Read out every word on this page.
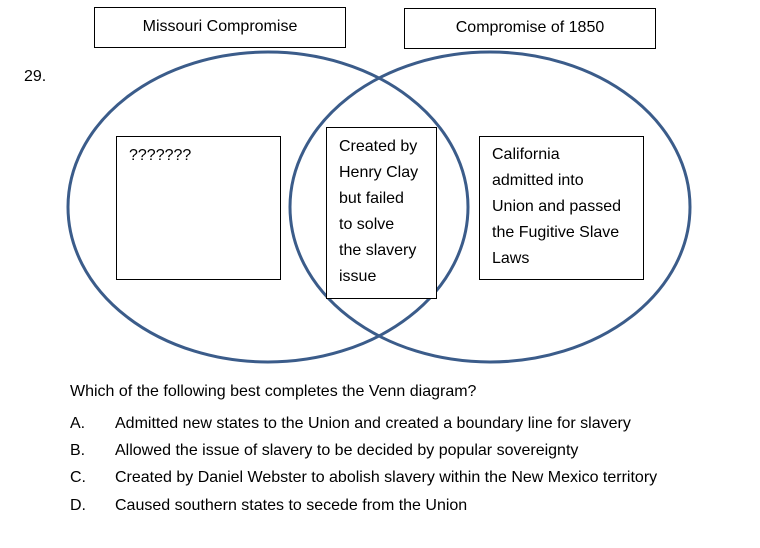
Missouri Compromise	Compromise of 1850
29.
???????
Created by
Henry Clay
but failed
to solve
the slavery
issue
California
admitted into
Union and passed
the Fugitive Slave
Laws
Which of the following best completes the Venn diagram?
A. Admitted new states to the Union and created a boundary line for slavery
B. Allowed the issue of slavery to be decided by popular sovereignty
C. Created by Daniel Webster to abolish slavery within the New Mexico territory
D. Caused southern states to secede from the Union
